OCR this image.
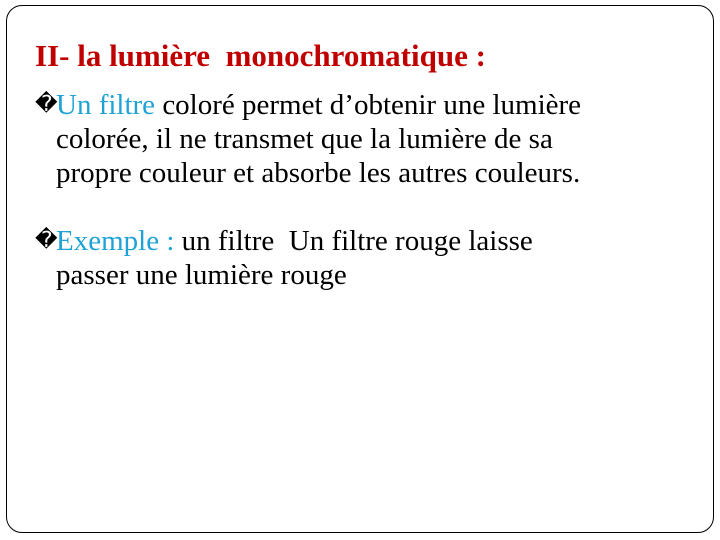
II- la lumière  monochromatique :
�Un filtre coloré permet d’obtenir une lumière
colorée, il ne transmet que la lumière de sa
propre couleur et absorbe les autres couleurs.
�Exemple : un filtre  Un filtre rouge laisse
passer une lumière rouge
